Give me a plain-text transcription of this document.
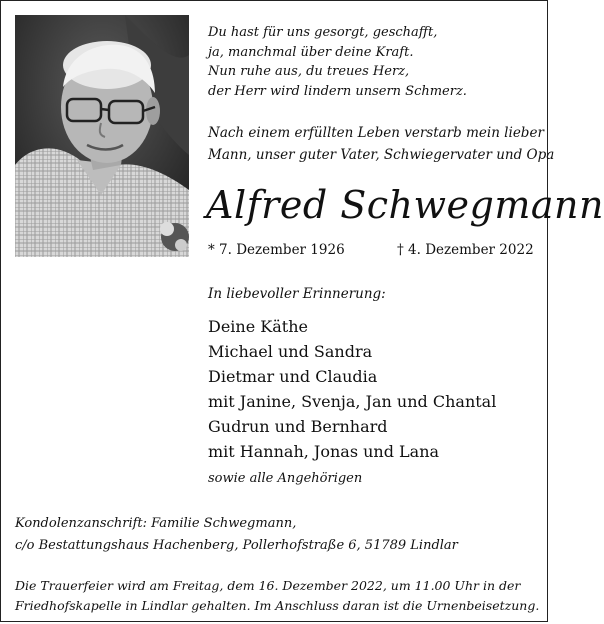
Du hast für uns gesorgt, geschafft,
ja, manchmal über deine Kraft.
Nun ruhe aus, du treues Herz,
der Herr wird lindern unsern Schmerz.
Nach einem erfüllten Leben verstarb mein lieber
Mann, unser guter Vater, Schwiegervater und Opa
Alfred Schwegmann
* 7. Dezember 1926	† 4. Dezember 2022
In liebevoller Erinnerung:
Deine Käthe
Michael und Sandra
Dietmar und Claudia
mit Janine, Svenja, Jan und Chantal
Gudrun und Bernhard
mit Hannah, Jonas und Lana
sowie alle Angehörigen
Kondolenzanschrift: Familie Schwegmann,
c/o Bestattungshaus Hachenberg, Pollerhofstraße 6, 51789 Lindlar
Die Trauerfeier wird am Freitag, dem 16. Dezember 2022, um 11.00 Uhr in der
Friedhofskapelle in Lindlar gehalten. Im Anschluss daran ist die Urnenbeisetzung.
